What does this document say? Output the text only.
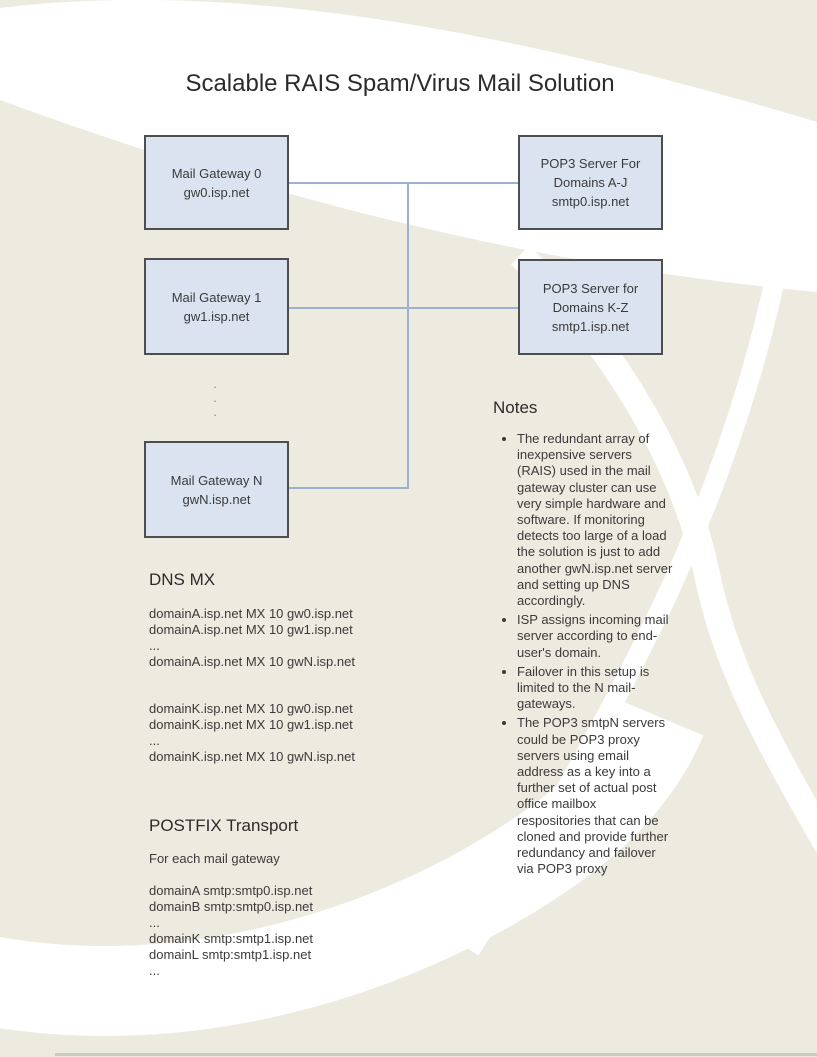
Scalable RAIS Spam/Virus Mail Solution
Mail Gateway 0
gw0.isp.net
Mail Gateway 1
gw1.isp.net
.
.
.
Mail Gateway N
gwN.isp.net
POP3 Server For
Domains A-J
smtp0.isp.net
POP3 Server for
Domains K-Z
smtp1.isp.net
Notes
• The redundant array of inexpensive servers (RAIS) used in the mail gateway cluster can use very simple hardware and software. If monitoring detects too large of a load the solution is just to add another gwN.isp.net server and setting up DNS accordingly.
• ISP assigns incoming mail server according to end-user's domain.
• Failover in this setup is limited to the N mail-gateways.
• The POP3 smtpN servers could be POP3 proxy servers using email address as a key into a further set of actual post office mailbox respositories that can be cloned and provide further redundancy and failover via POP3 proxy
DNS MX
domainA.isp.net MX 10 gw0.isp.net
domainA.isp.net MX 10 gw1.isp.net
...
domainA.isp.net MX 10 gwN.isp.net
domainK.isp.net MX 10 gw0.isp.net
domainK.isp.net MX 10 gw1.isp.net
...
domainK.isp.net MX 10 gwN.isp.net
POSTFIX Transport
For each mail gateway
domainA smtp:smtp0.isp.net
domainB smtp:smtp0.isp.net
...
domainK smtp:smtp1.isp.net
domainL smtp:smtp1.isp.net
...
